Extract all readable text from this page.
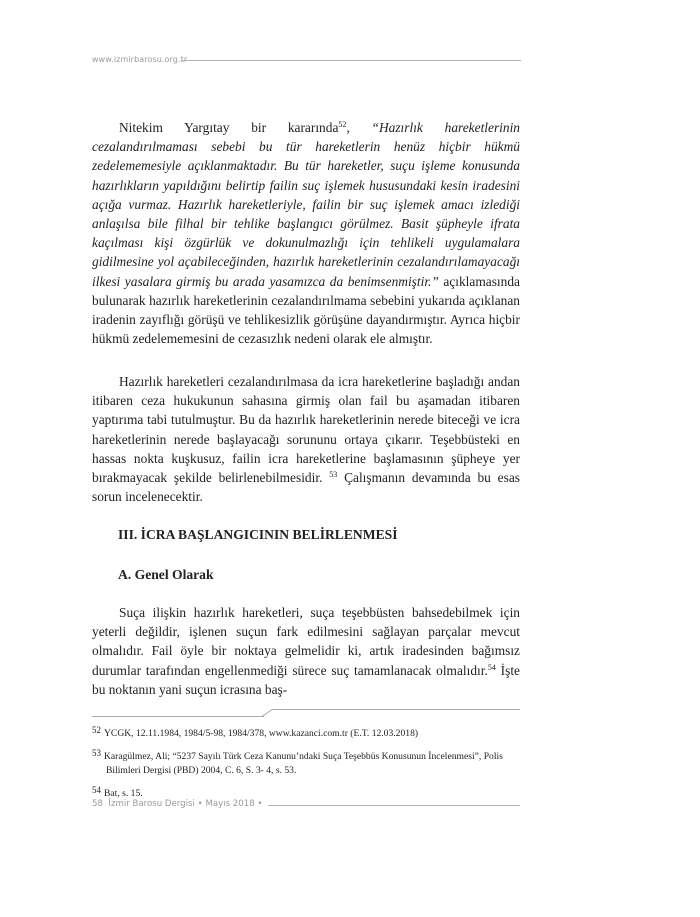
www.izmirbarosu.org.tr

Nitekim Yargıtay bir kararında$^{52}$, “Hazırlık hareketlerinin cezalandırılmaması sebebi bu tür hareketlerin henüz hiçbir hükmü zedelememesiyle açıklanmaktadır. Bu tür hareketler, suçu işleme konusunda hazırlıkların yapıldığını belirtip failin suç işlemek hususundaki kesin iradesini açığa vurmaz. Hazırlık hareketleriyle, failin bir suç işlemek amacı izlediği anlaşılsa bile filhal bir tehlike başlangıcı görülmez. Basit şüpheyle ifrata kaçılması kişi özgürlük ve dokunulmazlığı için tehlikeli uygulamalara gidilmesine yol açabileceğinden, hazırlık hareketlerinin cezalandırılamayacağı ilkesi yasalara girmiş bu arada yasamızca da benimsenmiştir.” açıklamasında bulunarak hazırlık hareketlerinin cezalandırılmama sebebini yukarıda açıklanan iradenin zayıflığı görüşü ve tehlikesizlik görüşüne dayandırmıştır. Ayrıca hiçbir hükmü zedelememesini de cezasızlık nedeni olarak ele almıştır.

Hazırlık hareketleri cezalandırılmasa da icra hareketlerine başladığı andan itibaren ceza hukukunun sahasına girmiş olan fail bu aşamadan itibaren yaptırıma tabi tutulmuştur. Bu da hazırlık hareketlerinin nerede biteceği ve icra hareketlerinin nerede başlayacağı sorununu ortaya çıkarır. Teşebbüsteki en hassas nokta kuşkusuz, failin icra hareketlerine başlamasının şüpheye yer bırakmayacak şekilde belirlenebilmesidir. $^{53}$ Çalışmanın devamında bu esas sorun incelenecektir.

III. İCRA BAŞLANGICININ BELİRLENMESİ
A. Genel Olarak

Suça ilişkin hazırlık hareketleri, suça teşebbüsten bahsedebilmek için yeterli değildir, işlenen suçun fark edilmesini sağlayan parçalar mevcut olmalıdır. Fail öyle bir noktaya gelmelidir ki, artık iradesinden bağımsız durumlar tarafından engellenmediği sürece suç tamamlanacak olmalıdır.$^{54}$ İşte bu noktanın yani suçun icrasına baş-

52 YCGK, 12.11.1984, 1984/5-98, 1984/378, www.kazanci.com.tr (E.T. 12.03.2018)
53 Karagülmez, Ali; “5237 Sayılı Türk Ceza Kanunu’ndaki Suça Teşebbüs Konusunun İncelenmesi”, Polis
Bilimleri Dergisi (PBD) 2004, C. 6, S. 3- 4, s. 53.
54 Bat, s. 15.
58 İzmir Barosu Dergisi • Mayıs 2018 •
